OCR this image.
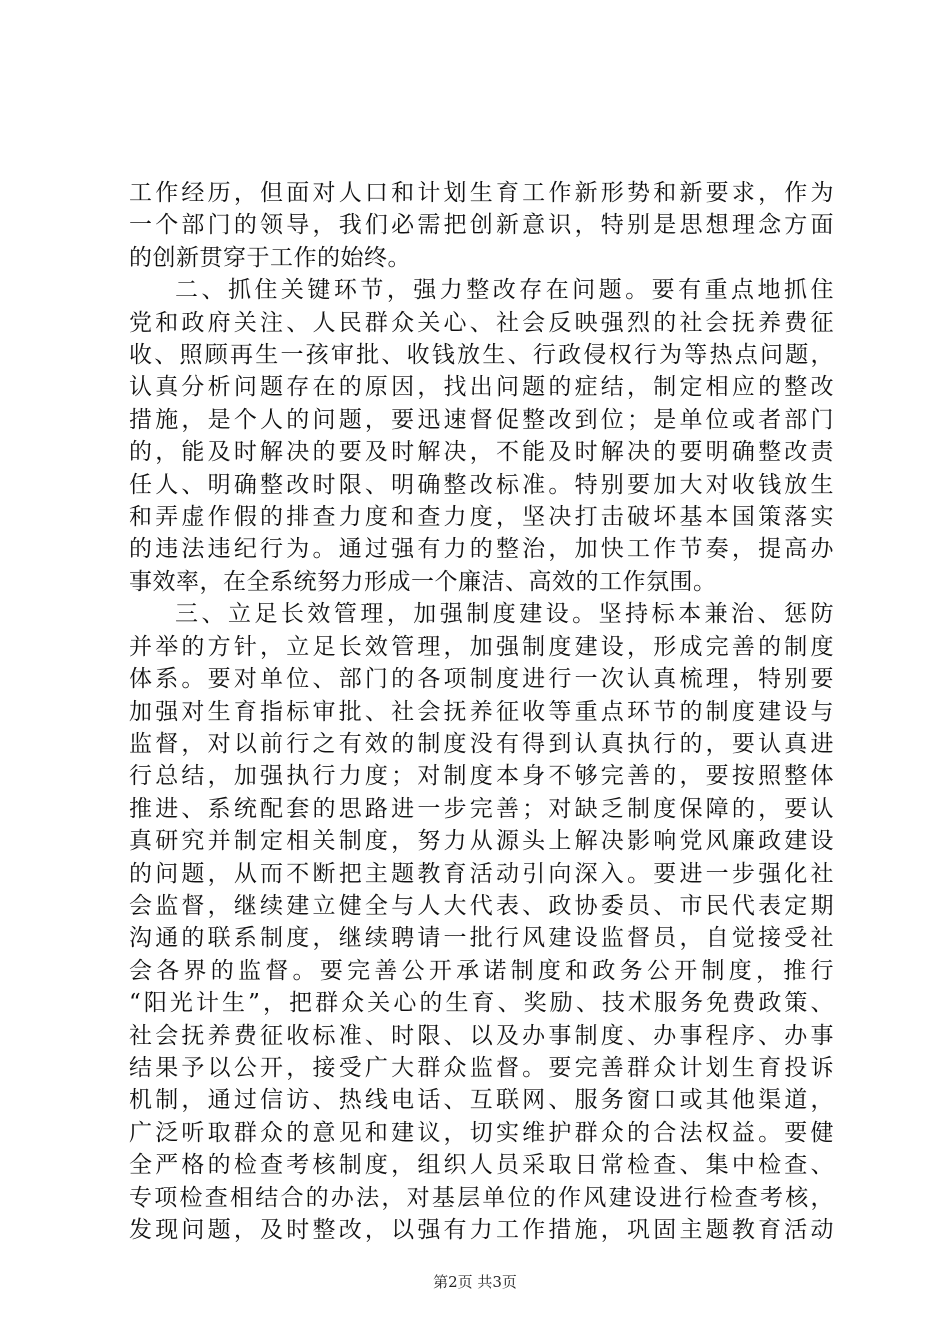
工作经历，但面对人口和计划生育工作新形势和新要求，作为
一个部门的领导，我们必需把创新意识，特别是思想理念方面
的创新贯穿于工作的始终。
二、抓住关键环节，强力整改存在问题。要有重点地抓住
党和政府关注、人民群众关心、社会反映强烈的社会抚养费征
收、照顾再生一孩审批、收钱放生、行政侵权行为等热点问题，
认真分析问题存在的原因，找出问题的症结，制定相应的整改
措施，是个人的问题，要迅速督促整改到位；是单位或者部门
的，能及时解决的要及时解决，不能及时解决的要明确整改责
任人、明确整改时限、明确整改标准。特别要加大对收钱放生
和弄虚作假的排查力度和查力度，坚决打击破坏基本国策落实
的违法违纪行为。通过强有力的整治，加快工作节奏，提高办
事效率，在全系统努力形成一个廉洁、高效的工作氛围。
三、立足长效管理，加强制度建设。坚持标本兼治、惩防
并举的方针，立足长效管理，加强制度建设，形成完善的制度
体系。要对单位、部门的各项制度进行一次认真梳理，特别要
加强对生育指标审批、社会抚养征收等重点环节的制度建设与
监督，对以前行之有效的制度没有得到认真执行的，要认真进
行总结，加强执行力度；对制度本身不够完善的，要按照整体
推进、系统配套的思路进一步完善；对缺乏制度保障的，要认
真研究并制定相关制度，努力从源头上解决影响党风廉政建设
的问题，从而不断把主题教育活动引向深入。要进一步强化社
会监督，继续建立健全与人大代表、政协委员、市民代表定期
沟通的联系制度，继续聘请一批行风建设监督员，自觉接受社
会各界的监督。要完善公开承诺制度和政务公开制度，推行
“阳光计生”，把群众关心的生育、奖励、技术服务免费政策、
社会抚养费征收标准、时限、以及办事制度、办事程序、办事
结果予以公开，接受广大群众监督。要完善群众计划生育投诉
机制，通过信访、热线电话、互联网、服务窗口或其他渠道，
广泛听取群众的意见和建议，切实维护群众的合法权益。要健
全严格的检查考核制度，组织人员采取日常检查、集中检查、
专项检查相结合的办法，对基层单位的作风建设进行检查考核，
发现问题，及时整改，以强有力工作措施，巩固主题教育活动
第2页 共3页
